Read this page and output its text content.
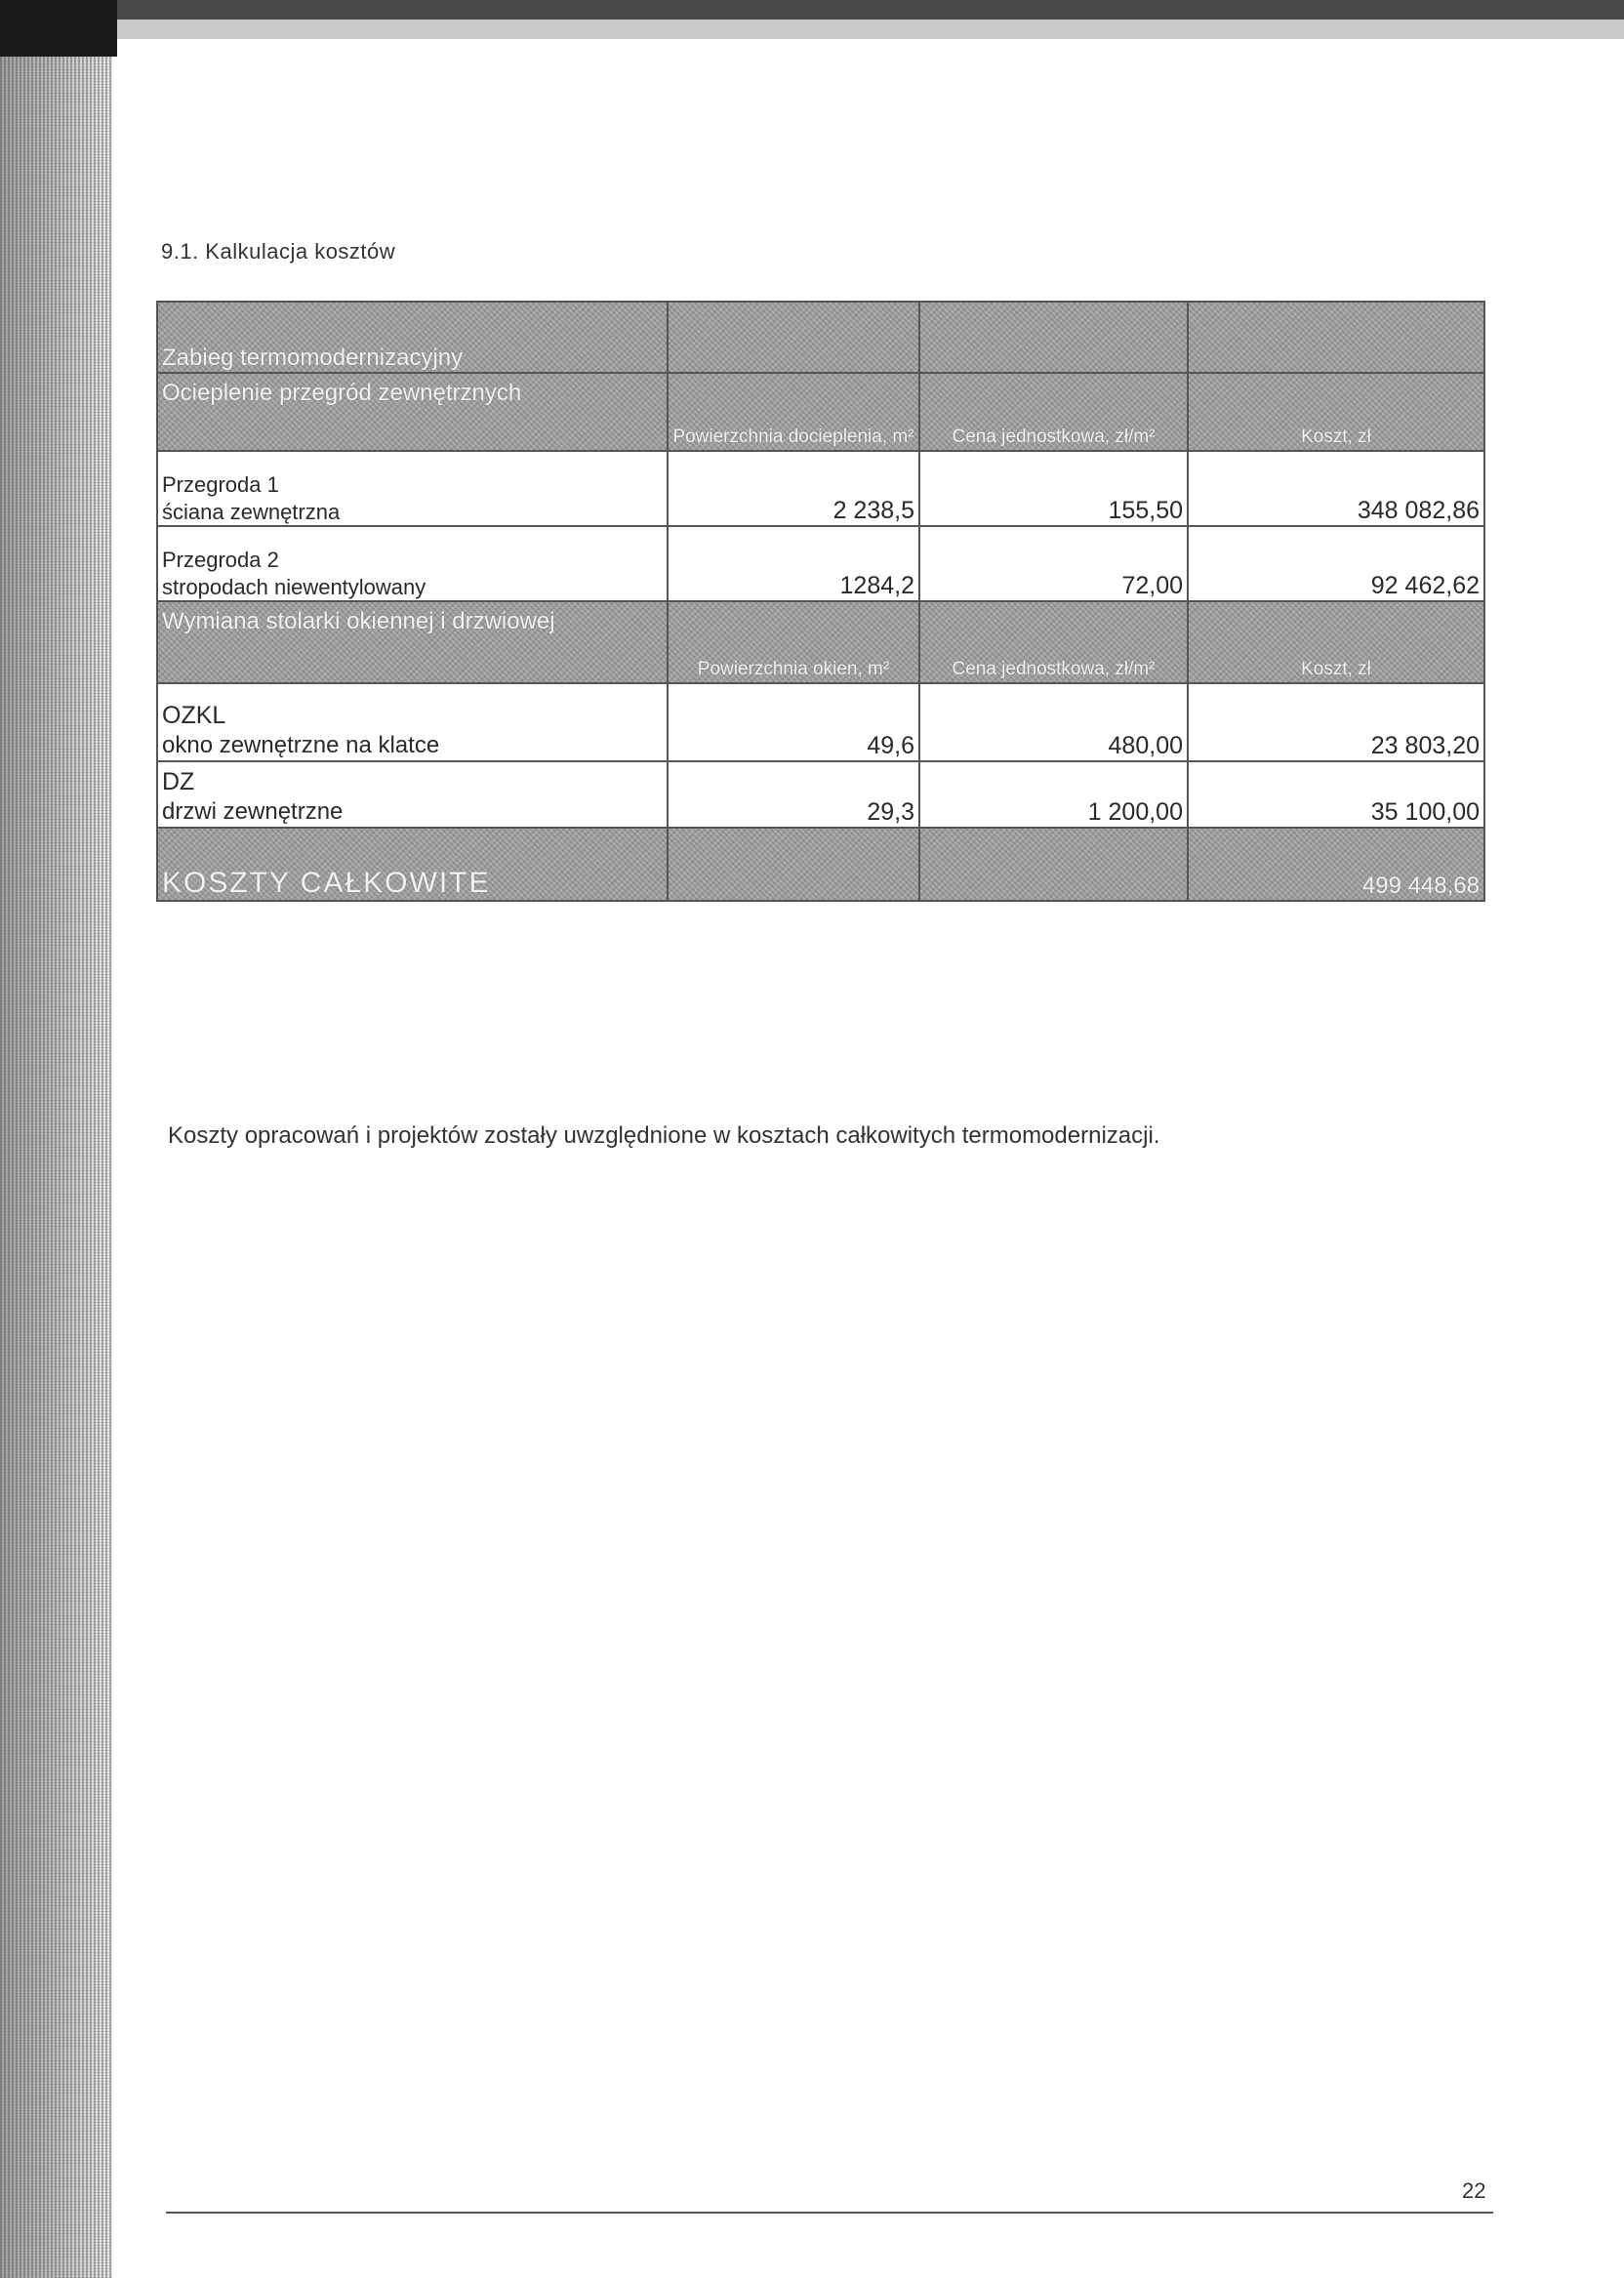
9.1. Kalkulacja kosztów
Zabieg termomodernizacyjny			
Ocieplenie przegród zewnętrznych	Powierzchnia docieplenia, m²	Cena jednostkowa, zł/m²	Koszt, zł

Przegroda 1
ściana zewnętrzna	2 238,5	155,50	348 082,86

Przegroda 2
stropodach niewentylowany	1284,2	72,00	92 462,62
Wymiana stolarki okiennej i drzwiowej	Powierzchnia okien, m²	Cena jednostkowa, zł/m²	Koszt, zł

OZKL
okno zewnętrzne na klatce	49,6	480,00	23 803,20

DZ
drzwi zewnętrzne	29,3	1 200,00	35 100,00
KOSZTY CAŁKOWITE			499 448,68
Koszty opracowań i projektów zostały uwzględnione w kosztach całkowitych termomodernizacji.
22
